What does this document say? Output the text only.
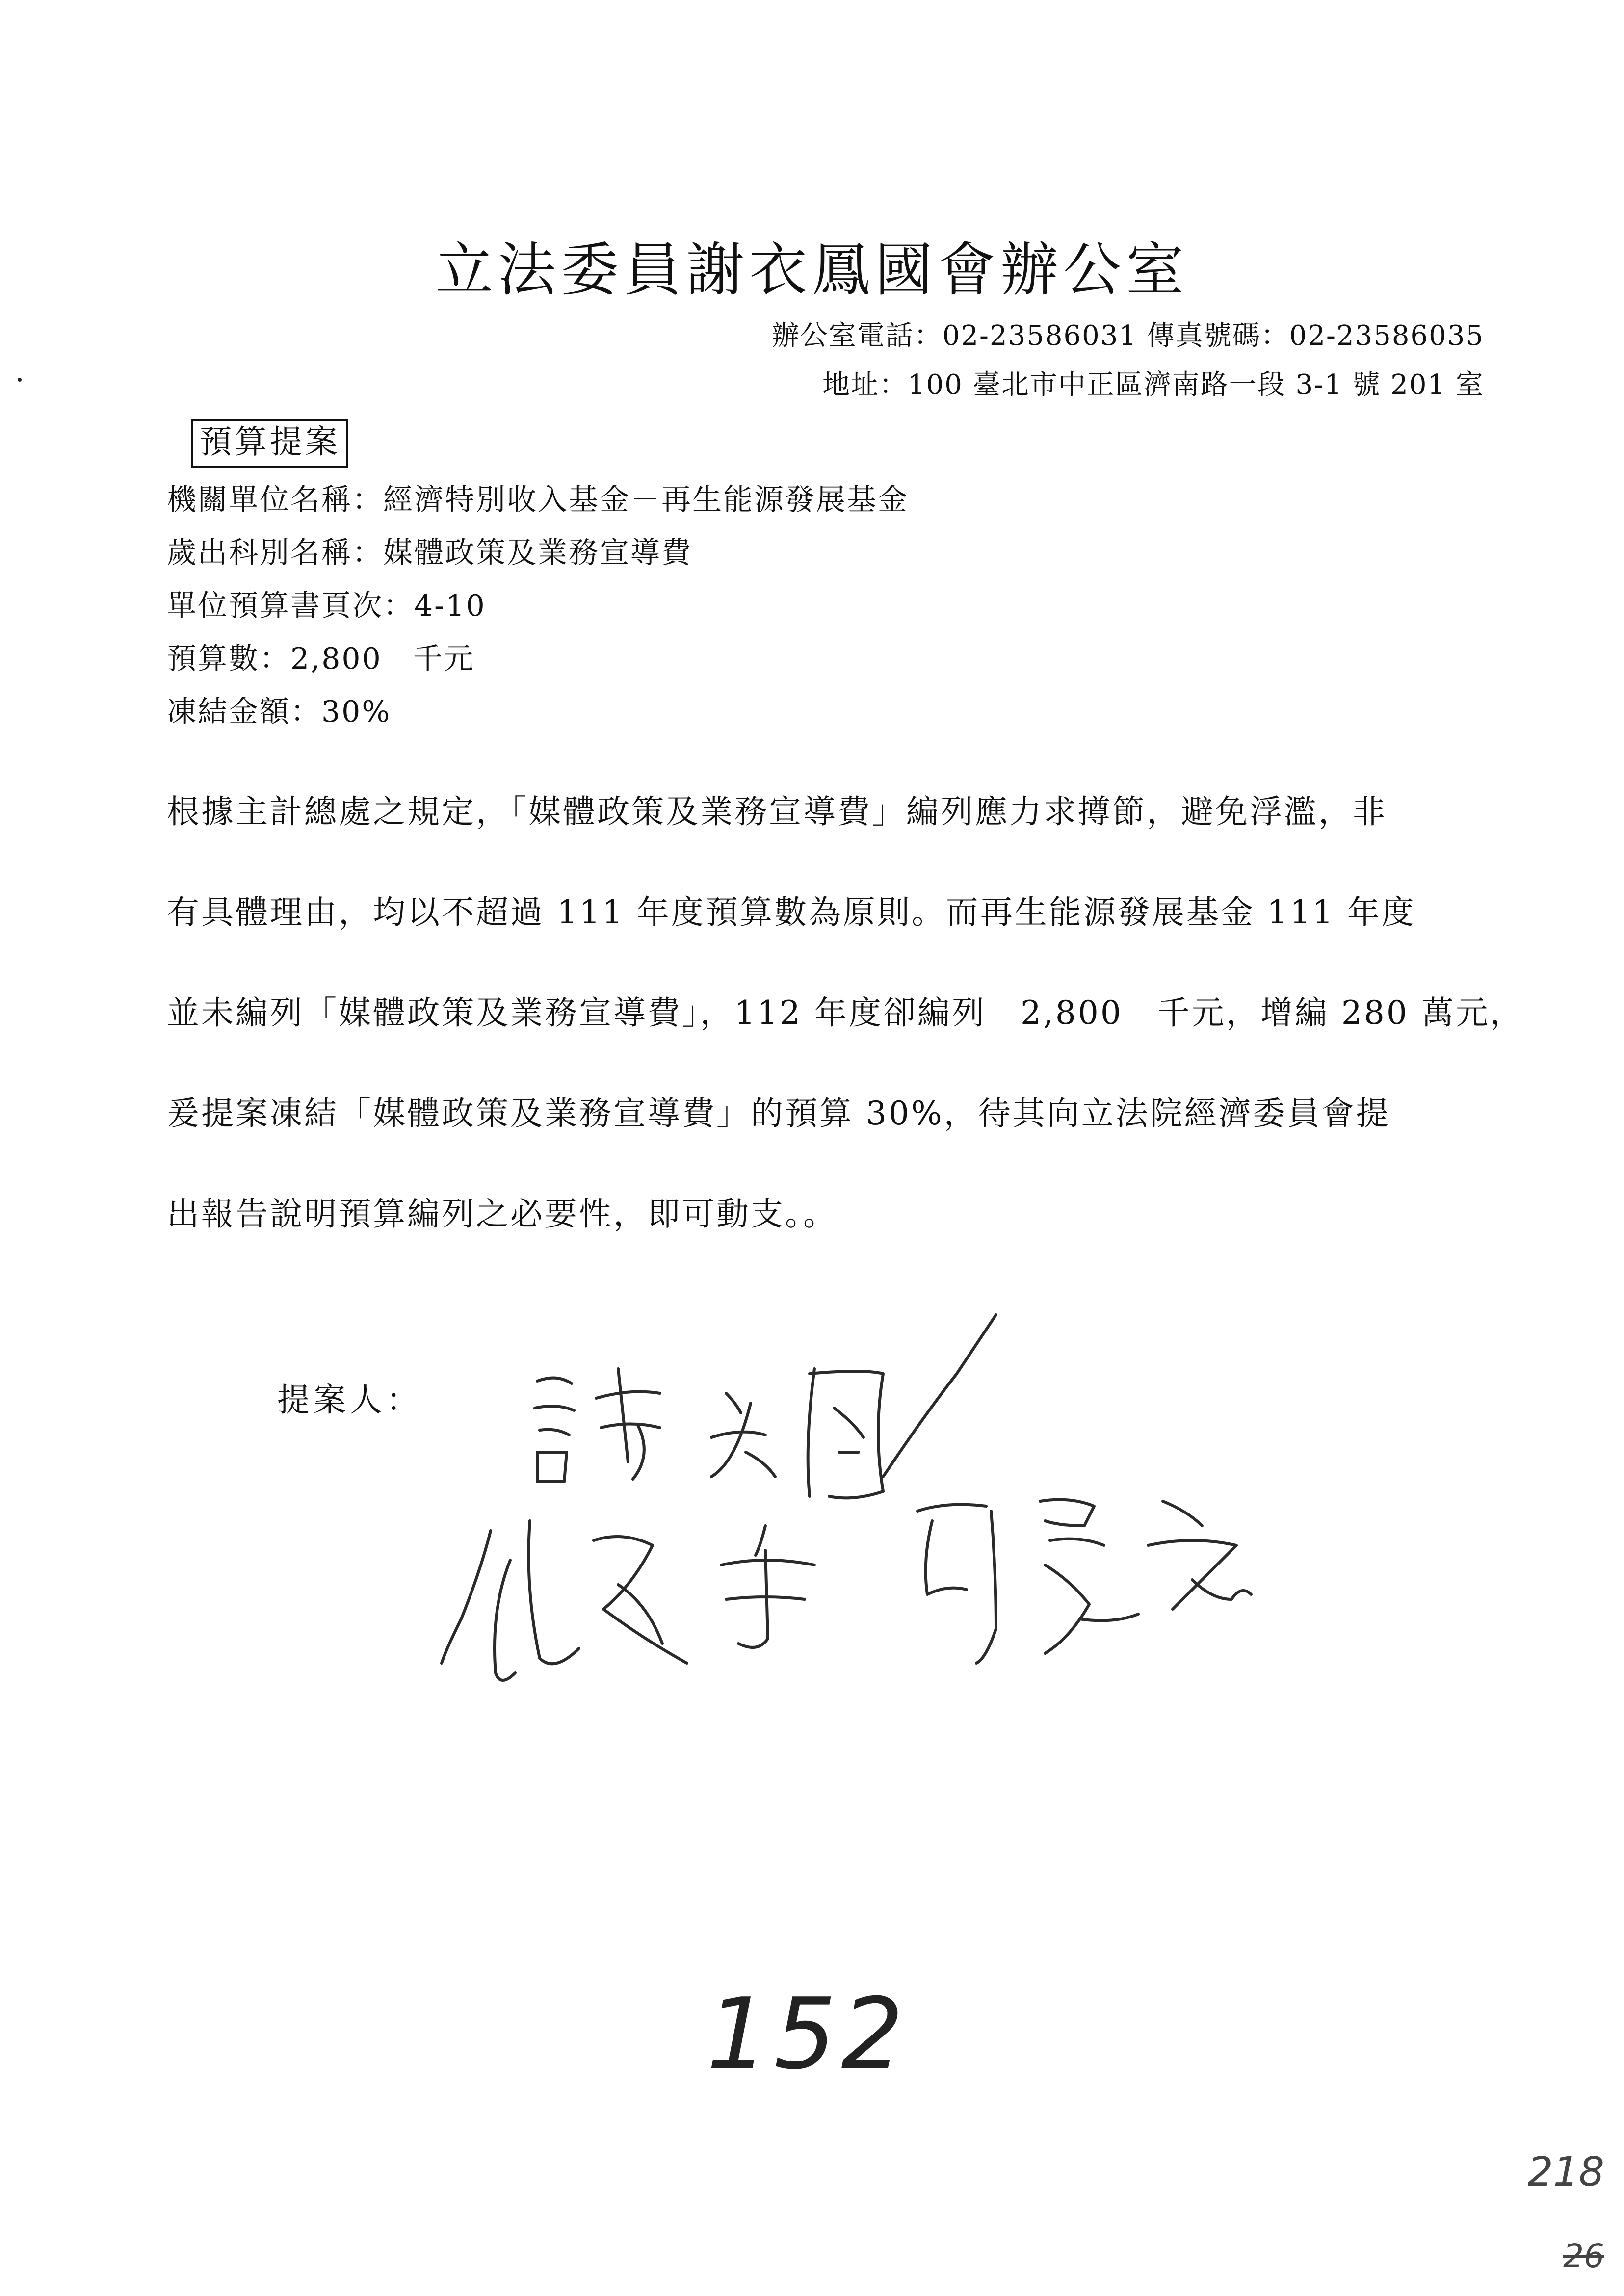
立法委員謝衣鳳國會辦公室
辦公室電話：02-23586031 傳真號碼：02-23586035
地址：100 臺北市中正區濟南路一段 3-1 號 201 室
預算提案
機關單位名稱：經濟特別收入基金－再生能源發展基金
歲出科別名稱：媒體政策及業務宣導費
單位預算書頁次：4-10
預算數：2,800　千元
凍結金額：30%
根據主計總處之規定，「媒體政策及業務宣導費」編列應力求撙節，避免浮濫，非
有具體理由，均以不超過 111 年度預算數為原則。而再生能源發展基金 111 年度
並未編列「媒體政策及業務宣導費」，112 年度卻編列　2,800　千元，增編 280 萬元，
爰提案凍結「媒體政策及業務宣導費」的預算 30%，待其向立法院經濟委員會提
出報告說明預算編列之必要性，即可動支。。
提案人：
152
218
26
